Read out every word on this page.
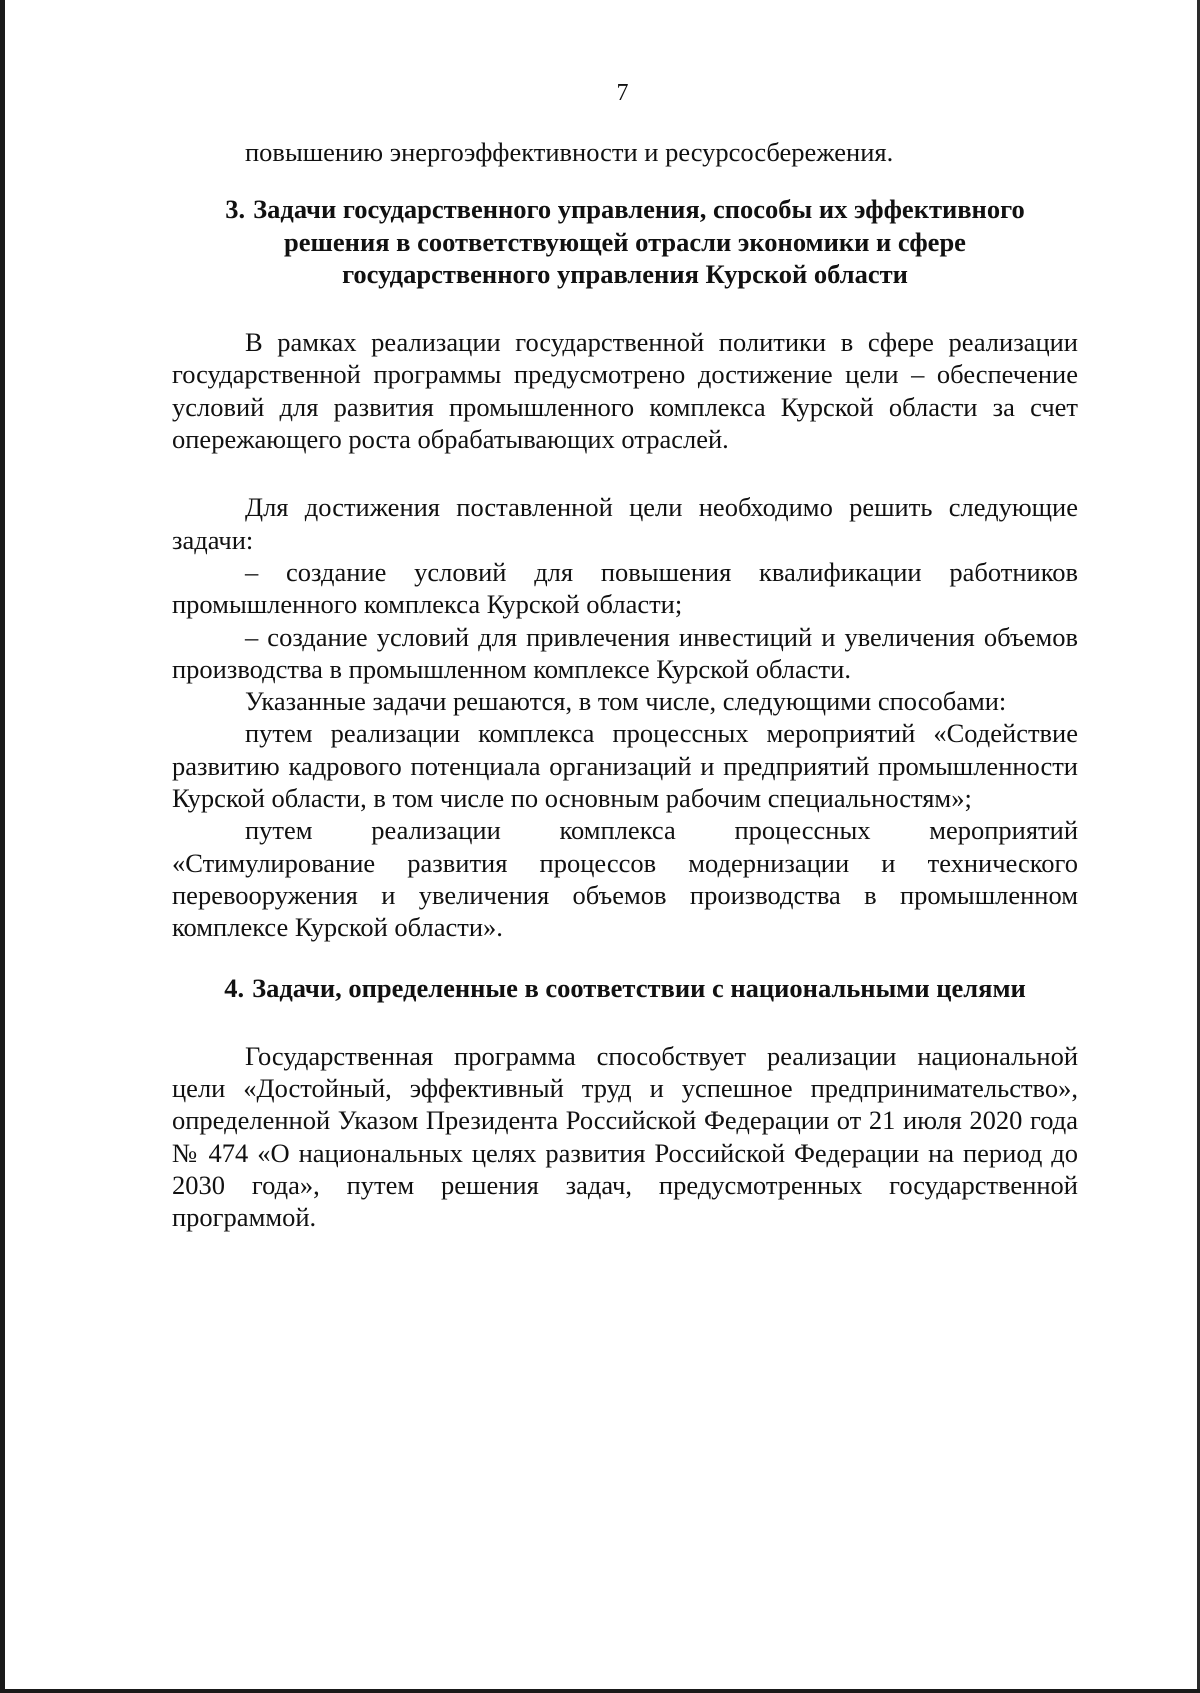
7

повышению энергоэффективности и ресурсосбережения.

3. Задачи государственного управления, способы их эффективного
решения в соответствующей отрасли экономики и сфере
государственного управления Курской области

В рамках реализации государственной политики в сфере реализации государственной программы предусмотрено достижение цели – обеспечение условий для развития промышленного комплекса Курской области за счет опережающего роста обрабатывающих отраслей.

Для достижения поставленной цели необходимо решить следующие задачи:

– создание условий для повышения квалификации работников промышленного комплекса Курской области;

– создание условий для привлечения инвестиций и увеличения объемов производства в промышленном комплексе Курской области.

Указанные задачи решаются, в том числе, следующими способами:

путем реализации комплекса процессных мероприятий «Содействие развитию кадрового потенциала организаций и предприятий промышленности Курской области, в том числе по основным рабочим специальностям»;

путем реализации комплекса процессных мероприятий «Стимулирование развития процессов модернизации и технического перевооружения и увеличения объемов производства в промышленном комплексе Курской области».

4. Задачи, определенные в соответствии с национальными целями

Государственная программа способствует реализации национальной цели «Достойный, эффективный труд и успешное предпринимательство», определенной Указом Президента Российской Федерации от 21 июля 2020 года № 474 «О национальных целях развития Российской Федерации на период до 2030 года», путем решения задач, предусмотренных государственной программой.
